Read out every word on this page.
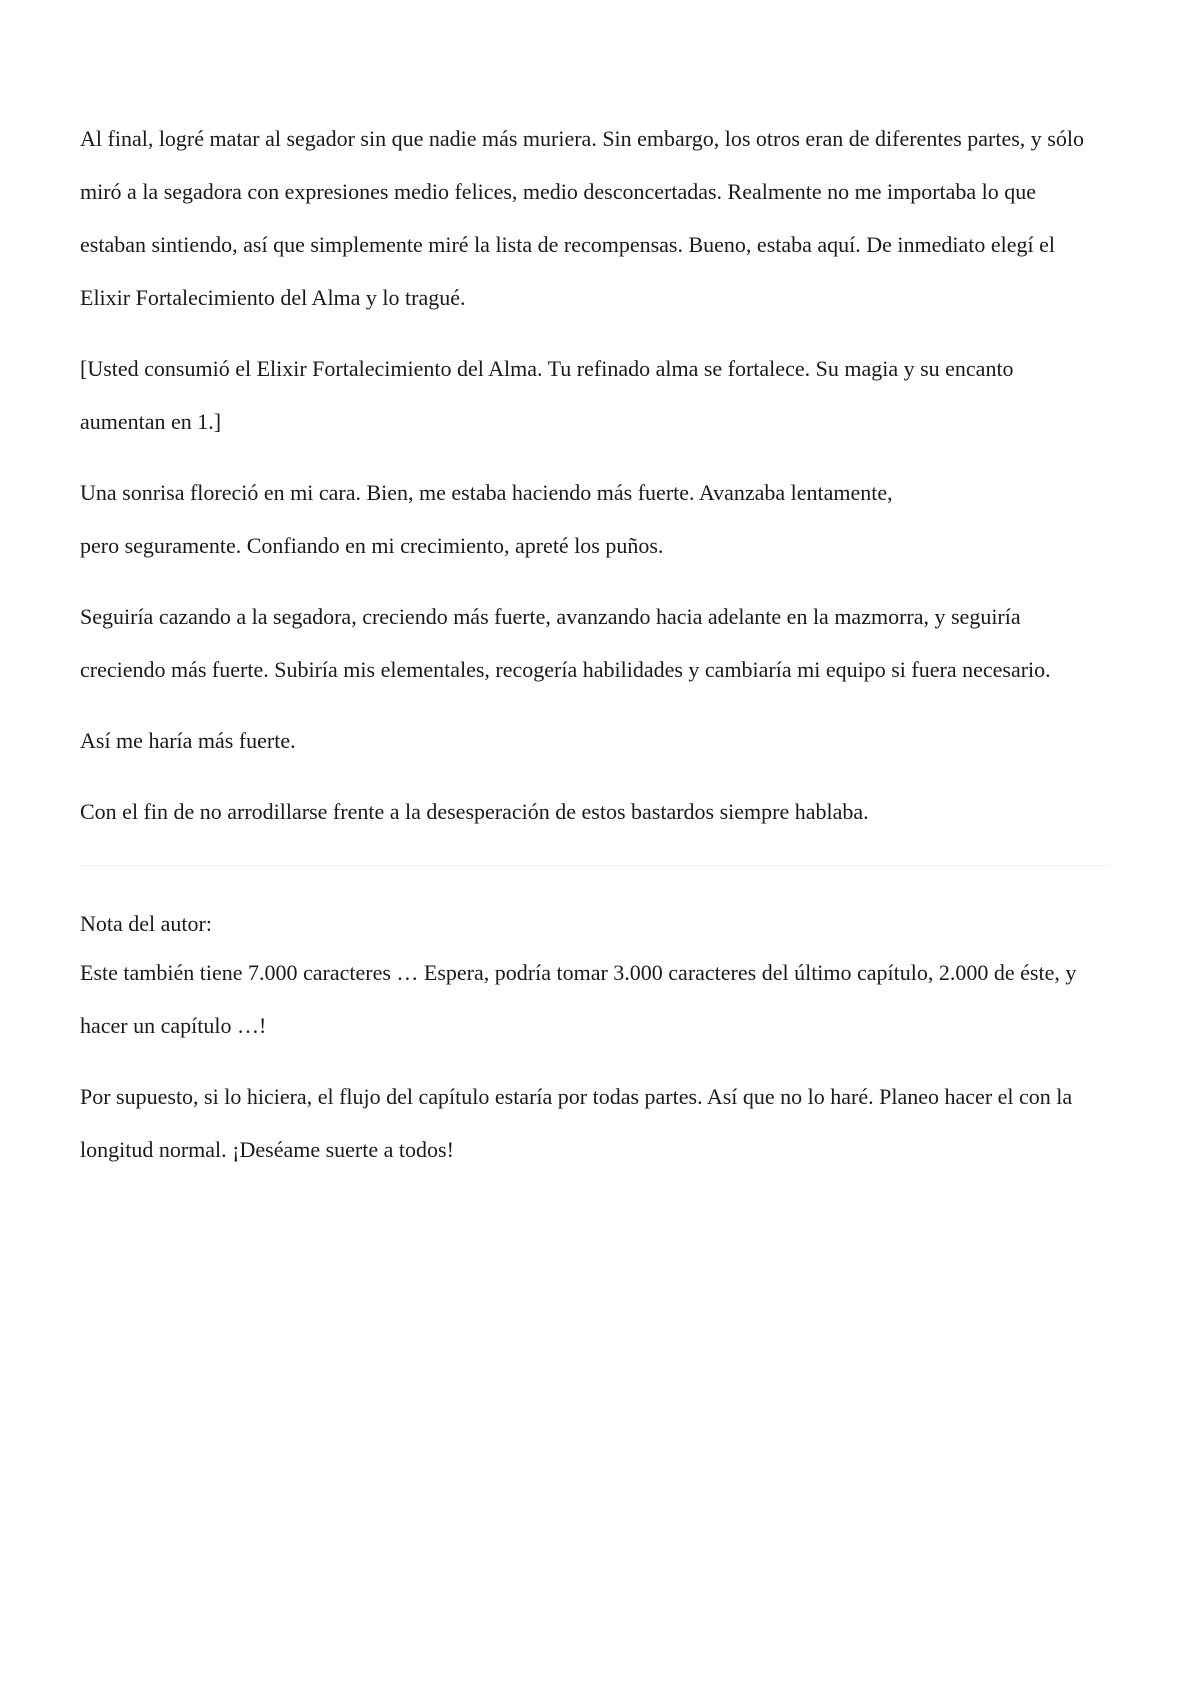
Al final, logré matar al segador sin que nadie más muriera. Sin embargo, los otros eran de diferentes partes, y sólo miró a la segadora con expresiones medio felices, medio desconcertadas. Realmente no me importaba lo que estaban sintiendo, así que simplemente miré la lista de recompensas. Bueno, estaba aquí. De inmediato elegí el Elixir Fortalecimiento del Alma y lo tragué.

[Usted consumió el Elixir Fortalecimiento del Alma. Tu refinado alma se fortalece. Su magia y su encanto aumentan en 1.]

Una sonrisa floreció en mi cara. Bien, me estaba haciendo más fuerte. Avanzaba lentamente,

pero seguramente. Confiando en mi crecimiento, apreté los puños.

Seguiría cazando a la segadora, creciendo más fuerte, avanzando hacia adelante en la mazmorra, y seguiría creciendo más fuerte. Subiría mis elementales, recogería habilidades y cambiaría mi equipo si fuera necesario.

Así me haría más fuerte.

Con el fin de no arrodillarse frente a la desesperación de estos bastardos siempre hablaba.

Nota del autor:

Este también tiene 7.000 caracteres … Espera, podría tomar 3.000 caracteres del último capítulo, 2.000 de éste, y hacer un capítulo …!

Por supuesto, si lo hiciera, el flujo del capítulo estaría por todas partes. Así que no lo haré. Planeo hacer el con la longitud normal. ¡Deséame suerte a todos!
